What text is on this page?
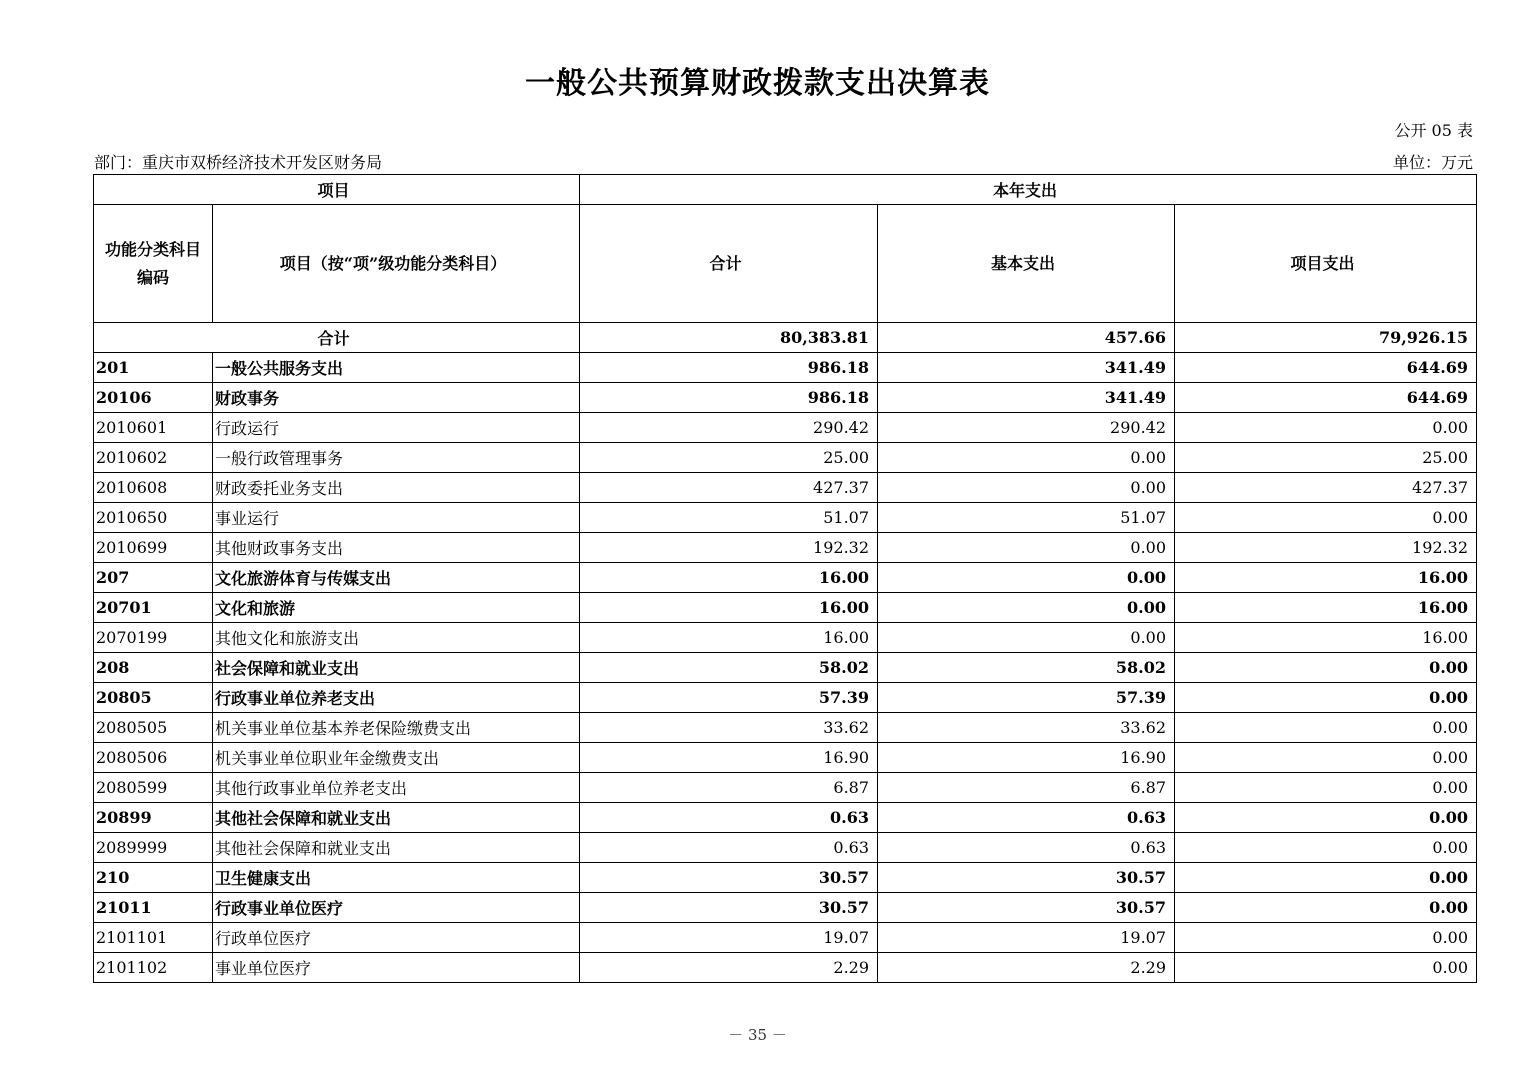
一般公共预算财政拨款支出决算表
公开 05 表
部门：重庆市双桥经济技术开发区财务局	单位：万元
项目		本年支出		
功能分类科目编码	项目（按“项”级功能分类科目）	合计	基本支出	项目支出
合计		80,383.81	457.66	79,926.15
201	一般公共服务支出	986.18	341.49	644.69
20106	财政事务	986.18	341.49	644.69
2010601	行政运行	290.42	290.42	0.00
2010602	一般行政管理事务	25.00	0.00	25.00
2010608	财政委托业务支出	427.37	0.00	427.37
2010650	事业运行	51.07	51.07	0.00
2010699	其他财政事务支出	192.32	0.00	192.32
207	文化旅游体育与传媒支出	16.00	0.00	16.00
20701	文化和旅游	16.00	0.00	16.00
2070199	其他文化和旅游支出	16.00	0.00	16.00
208	社会保障和就业支出	58.02	58.02	0.00
20805	行政事业单位养老支出	57.39	57.39	0.00
2080505	机关事业单位基本养老保险缴费支出	33.62	33.62	0.00
2080506	机关事业单位职业年金缴费支出	16.90	16.90	0.00
2080599	其他行政事业单位养老支出	6.87	6.87	0.00
20899	其他社会保障和就业支出	0.63	0.63	0.00
2089999	其他社会保障和就业支出	0.63	0.63	0.00
210	卫生健康支出	30.57	30.57	0.00
21011	行政事业单位医疗	30.57	30.57	0.00
2101101	行政单位医疗	19.07	19.07	0.00
2101102	事业单位医疗	2.29	2.29	0.00
－ 35 －
